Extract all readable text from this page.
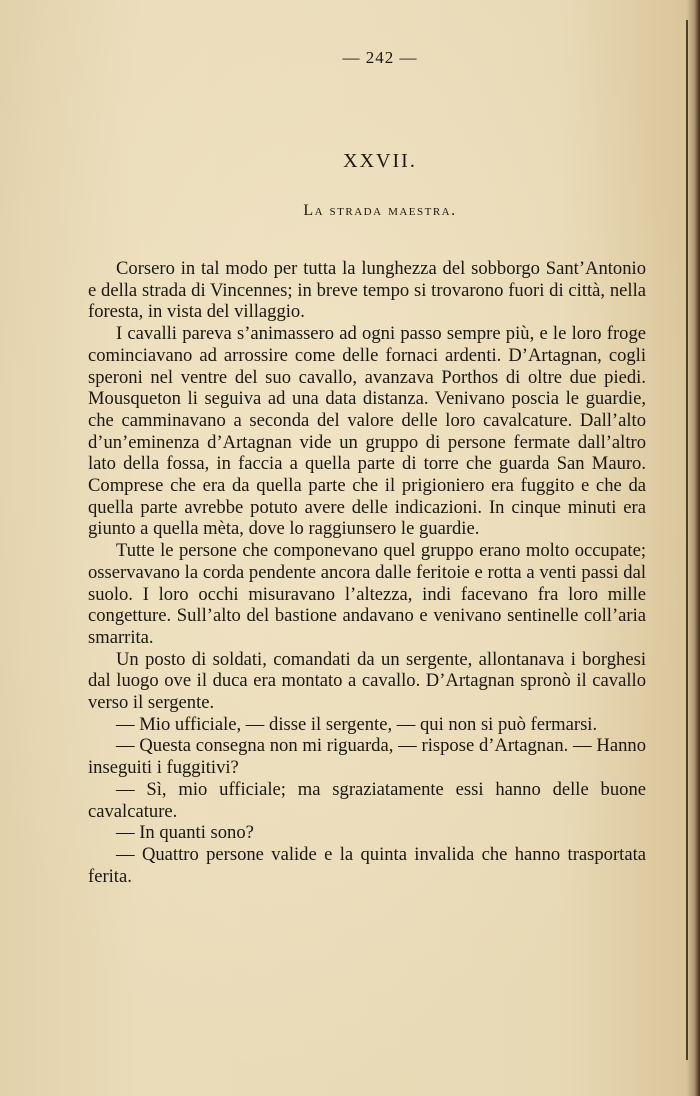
— 242 —
XXVII.
La strada maestra.

Corsero in tal modo per tutta la lunghezza del sobborgo Sant’Antonio e della strada di Vincennes; in breve tempo si trovarono fuori di città, nella foresta, in vista del villaggio.

I cavalli pareva s’animassero ad ogni passo sempre più, e le loro froge cominciavano ad arrossire come delle fornaci ardenti. D’Artagnan, cogli speroni nel ventre del suo cavallo, avanzava Porthos di oltre due piedi. Mousqueton li seguiva ad una data distanza. Venivano poscia le guardie, che camminavano a seconda del valore delle loro cavalcature. Dall’alto d’un’eminenza d’Artagnan vide un gruppo di persone fermate dall’altro lato della fossa, in faccia a quella parte di torre che guarda San Mauro. Comprese che era da quella parte che il prigioniero era fuggito e che da quella parte avrebbe potuto avere delle indicazioni. In cinque minuti era giunto a quella mèta, dove lo raggiunsero le guardie.

Tutte le persone che componevano quel gruppo erano molto occupate; osservavano la corda pendente ancora dalle feritoie e rotta a venti passi dal suolo. I loro occhi misuravano l’altezza, indi facevano fra loro mille congetture. Sull’alto del bastione andavano e venivano sentinelle coll’aria smarrita.

Un posto di soldati, comandati da un sergente, allontanava i borghesi dal luogo ove il duca era montato a cavallo. D’Artagnan spronò il cavallo verso il sergente.

— Mio ufficiale, — disse il sergente, — qui non si può fermarsi.

— Questa consegna non mi riguarda, — rispose d’Artagnan. — Hanno inseguiti i fuggitivi?

— Sì, mio ufficiale; ma sgraziatamente essi hanno delle buone cavalcature.

— In quanti sono?

— Quattro persone valide e la quinta invalida che hanno trasportata ferita.
